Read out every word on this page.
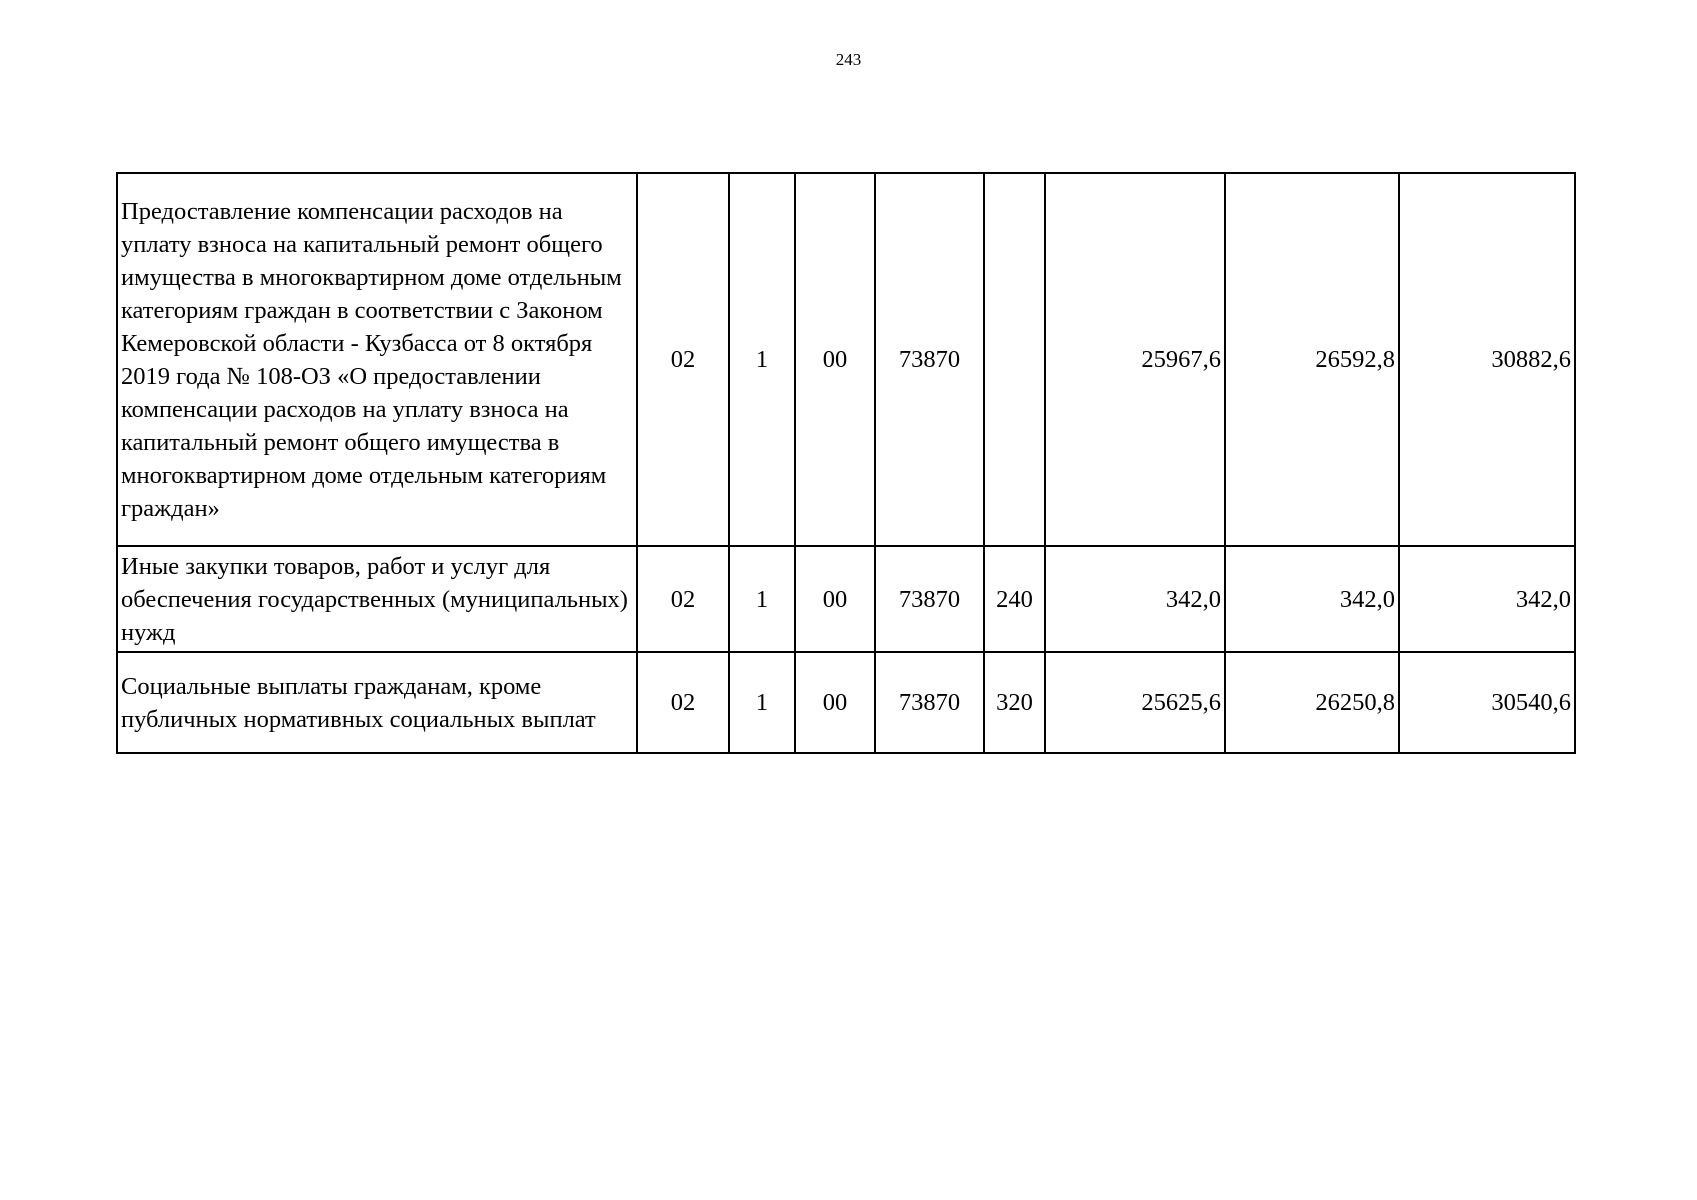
243
Предоставление компенсации расходов на уплату взноса на капитальный ремонт общего имущества в многоквартирном доме отдельным категориям граждан в соответствии с Законом Кемеровской области - Кузбасса от 8 октября 2019 года № 108-ОЗ «О предоставлении компенсации расходов на уплату взноса на капитальный ремонт общего имущества в многоквартирном доме отдельным категориям граждан»	02	1	00	73870		25967,6	26592,8	30882,6
Иные закупки товаров, работ и услуг для обеспечения государственных (муниципальных) нужд	02	1	00	73870	240	342,0	342,0	342,0
Социальные выплаты гражданам, кроме публичных нормативных социальных выплат	02	1	00	73870	320	25625,6	26250,8	30540,6
